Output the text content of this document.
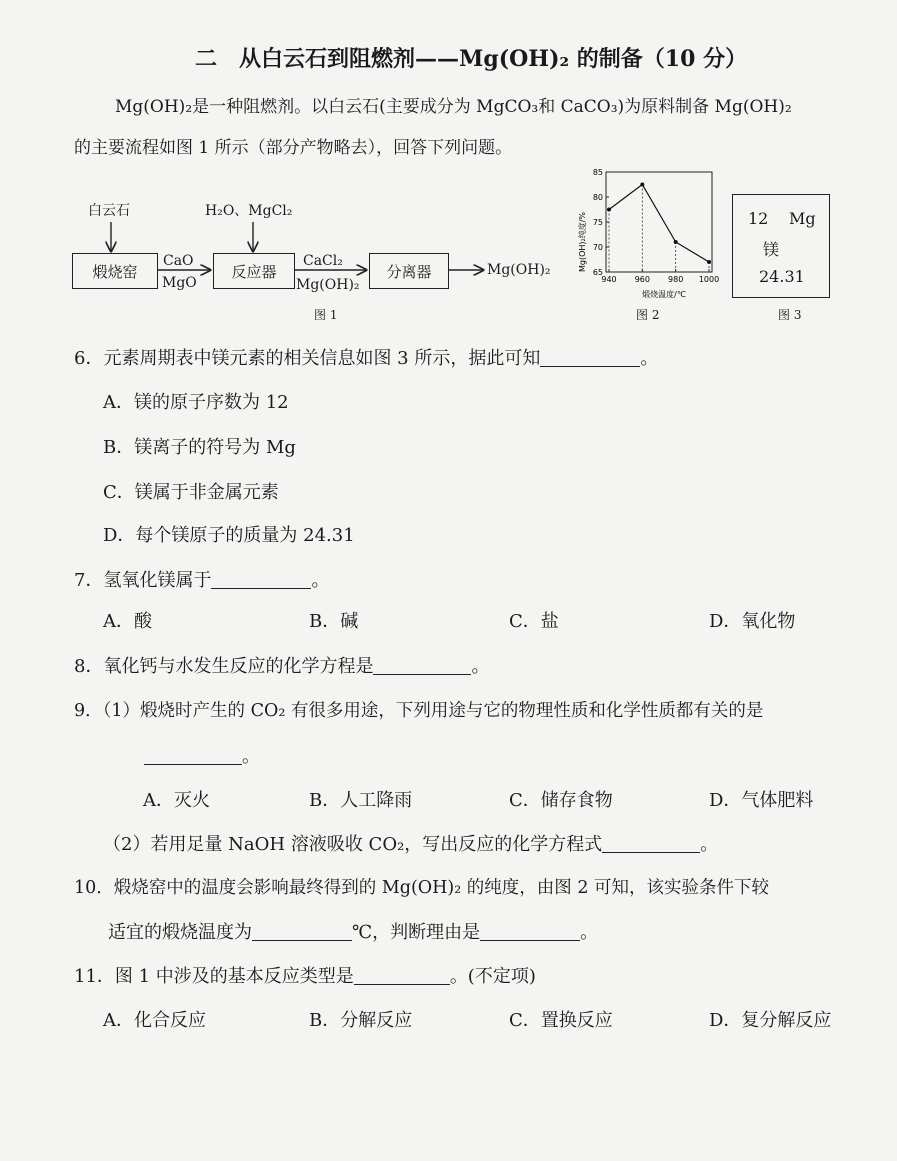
二　从白云石到阻燃剂——Mg(OH)₂ 的制备（10 分）
Mg(OH)₂是一种阻燃剂。以白云石(主要成分为 MgCO₃和 CaCO₃)为原料制备 Mg(OH)₂
的主要流程如图 1 所示（部分产物略去），回答下列问题。
白云石	H₂O、MgCl₂
煅烧窑	反应器	分离器
CaO
MgO
CaCl₂
Mg(OH)₂
Mg(OH)₂
图 1
65
70
75
80
85
940 960 980 1000
Mg(OH)₂纯度/%
煅烧温度/℃
图 2
12 Mg
镁
24.31
图 3
6．元素周期表中镁元素的相关信息如图 3 所示，据此可知	。
A．镁的原子序数为 12
B．镁离子的符号为 Mg
C．镁属于非金属元素
D．每个镁原子的质量为 24.31
7．氢氧化镁属于	。
A．酸	B．碱	C．盐	D．氧化物
8．氧化钙与水发生反应的化学方程是	。
9．（1）煅烧时产生的 CO₂ 有很多用途，下列用途与它的物理性质和化学性质都有关的是
。
A．灭火	B．人工降雨	C．储存食物	D．气体肥料
（2）若用足量 NaOH 溶液吸收 CO₂，写出反应的化学方程式	。
10．煅烧窑中的温度会影响最终得到的 Mg(OH)₂ 的纯度，由图 2 可知，该实验条件下较
适宜的煅烧温度为	℃，判断理由是	。
11．图 1 中涉及的基本反应类型是	。(不定项)
A．化合反应	B．分解反应	C．置换反应	D．复分解反应
